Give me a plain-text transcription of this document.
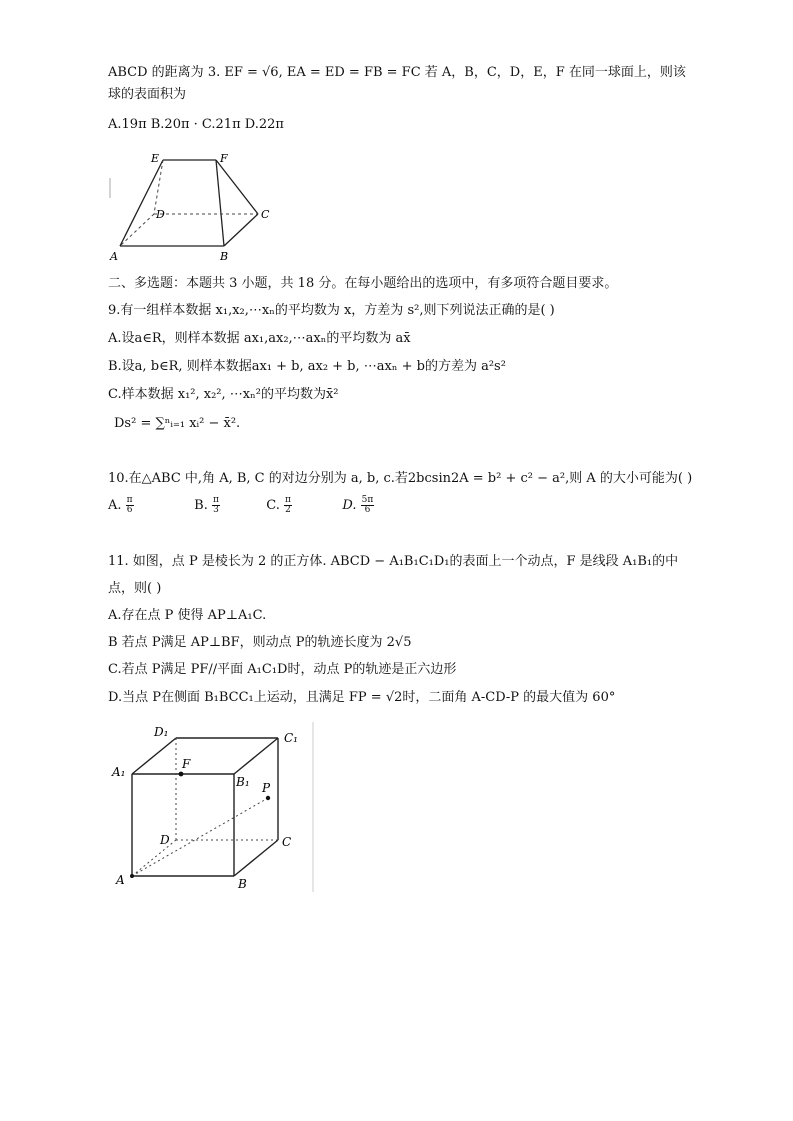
ABCD 的距离为 3. EF = √6, EA = ED = FB = FC 若 A，B，C，D，E，F 在同一球面上，则该
球的表面积为
A.19π B.20π · C.21π D.22π
E	F
D	C
A	B
二、多选题：本题共 3 小题，共 18 分。在每小题给出的选项中，有多项符合题目要求。
9.有一组样本数据 x₁,x₂,⋯xₙ的平均数为 x，方差为 s²,则下列说法正确的是( )
A.设a∈R，则样本数据 ax₁,ax₂,⋯axₙ的平均数为 ax̄
B.设a, b∈R, 则样本数据ax₁ + b, ax₂ + b, ⋯axₙ + b的方差为 a²s²
C.样本数据 x₁², x₂², ⋯xₙ²的平均数为x̄²
Ds² = ∑ⁿᵢ₌₁ xᵢ² − x̄².
10.在△ABC 中,角 A, B, C 的对边分别为 a, b, c.若2bcsin2A = b² + c² − a²,则 A 的大小可能为( )
A. $\frac{\pi}{6}$	B. $\frac{\pi}{3}$	C. $\frac{\pi}{2}$	D. $\frac{5\pi}{6}$
11. 如图，点 P 是棱长为 2 的正方体. ABCD − A₁B₁C₁D₁的表面上一个动点，F 是线段 A₁B₁的中
点，则( )
A.存在点 P 使得 AP⊥A₁C.
B 若点 P满足 AP⊥BF，则动点 P的轨迹长度为 2√5
C.若点 P满足 PF//平面 A₁C₁D时，动点 P的轨迹是正六边形
D.当点 P在侧面 B₁BCC₁上运动，且满足 FP = √2时，二面角 A-CD-P 的最大值为 60°
D₁	C₁
A₁
F
B₁ P
D	C
A	B
